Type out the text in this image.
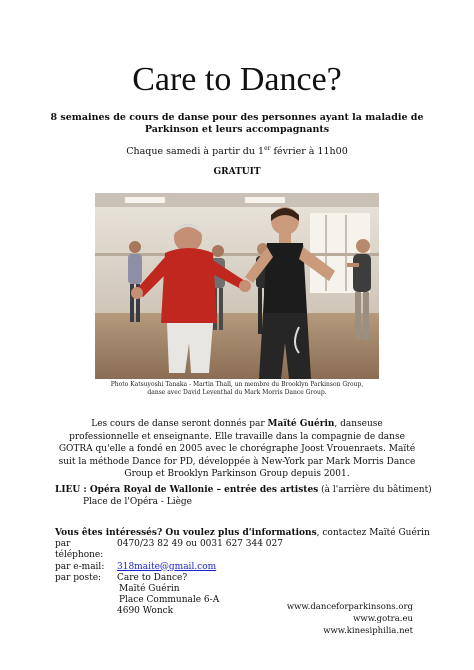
Care to Dance?
8 semaines de cours de danse pour des personnes ayant la maladie de Parkinson et leurs accompagnants
Chaque samedi à partir du 1er février à 11h00
GRATUIT
Photo Katsuyoshi Tanaka - Martin Thall, un membre du Brooklyn Parkinson Group,
danse avec David Leventhal du Mark Morris Dance Group.
Les cours de danse seront donnés par Maïté Guérin, danseuse professionnelle et enseignante. Elle travaille dans la compagnie de danse GOTRA qu'elle a fondé en 2005 avec le chorégraphe Joost Vrouenraets. Maïté suit la méthode Dance for PD, développée à New-York par Mark Morris Dance Group et Brooklyn Parkinson Group depuis 2001.
LIEU : Opéra Royal de Wallonie – entrée des artistes (à l'arrière du bâtiment)
Place de l'Opéra - Liège
Vous êtes intéressés? Ou voulez plus d'informations, contactez Maïté Guérin
par téléphone:
0470/23 82 49 ou 0031 627 344 027
par e-mail:	318maite@gmail.com
par poste:	Care to Dance?
Maïté Guérin
Place Communale 6-A
4690 Wonck	www.danceforparkinsons.org
www.gotra.eu
www.kinesiphilia.net
